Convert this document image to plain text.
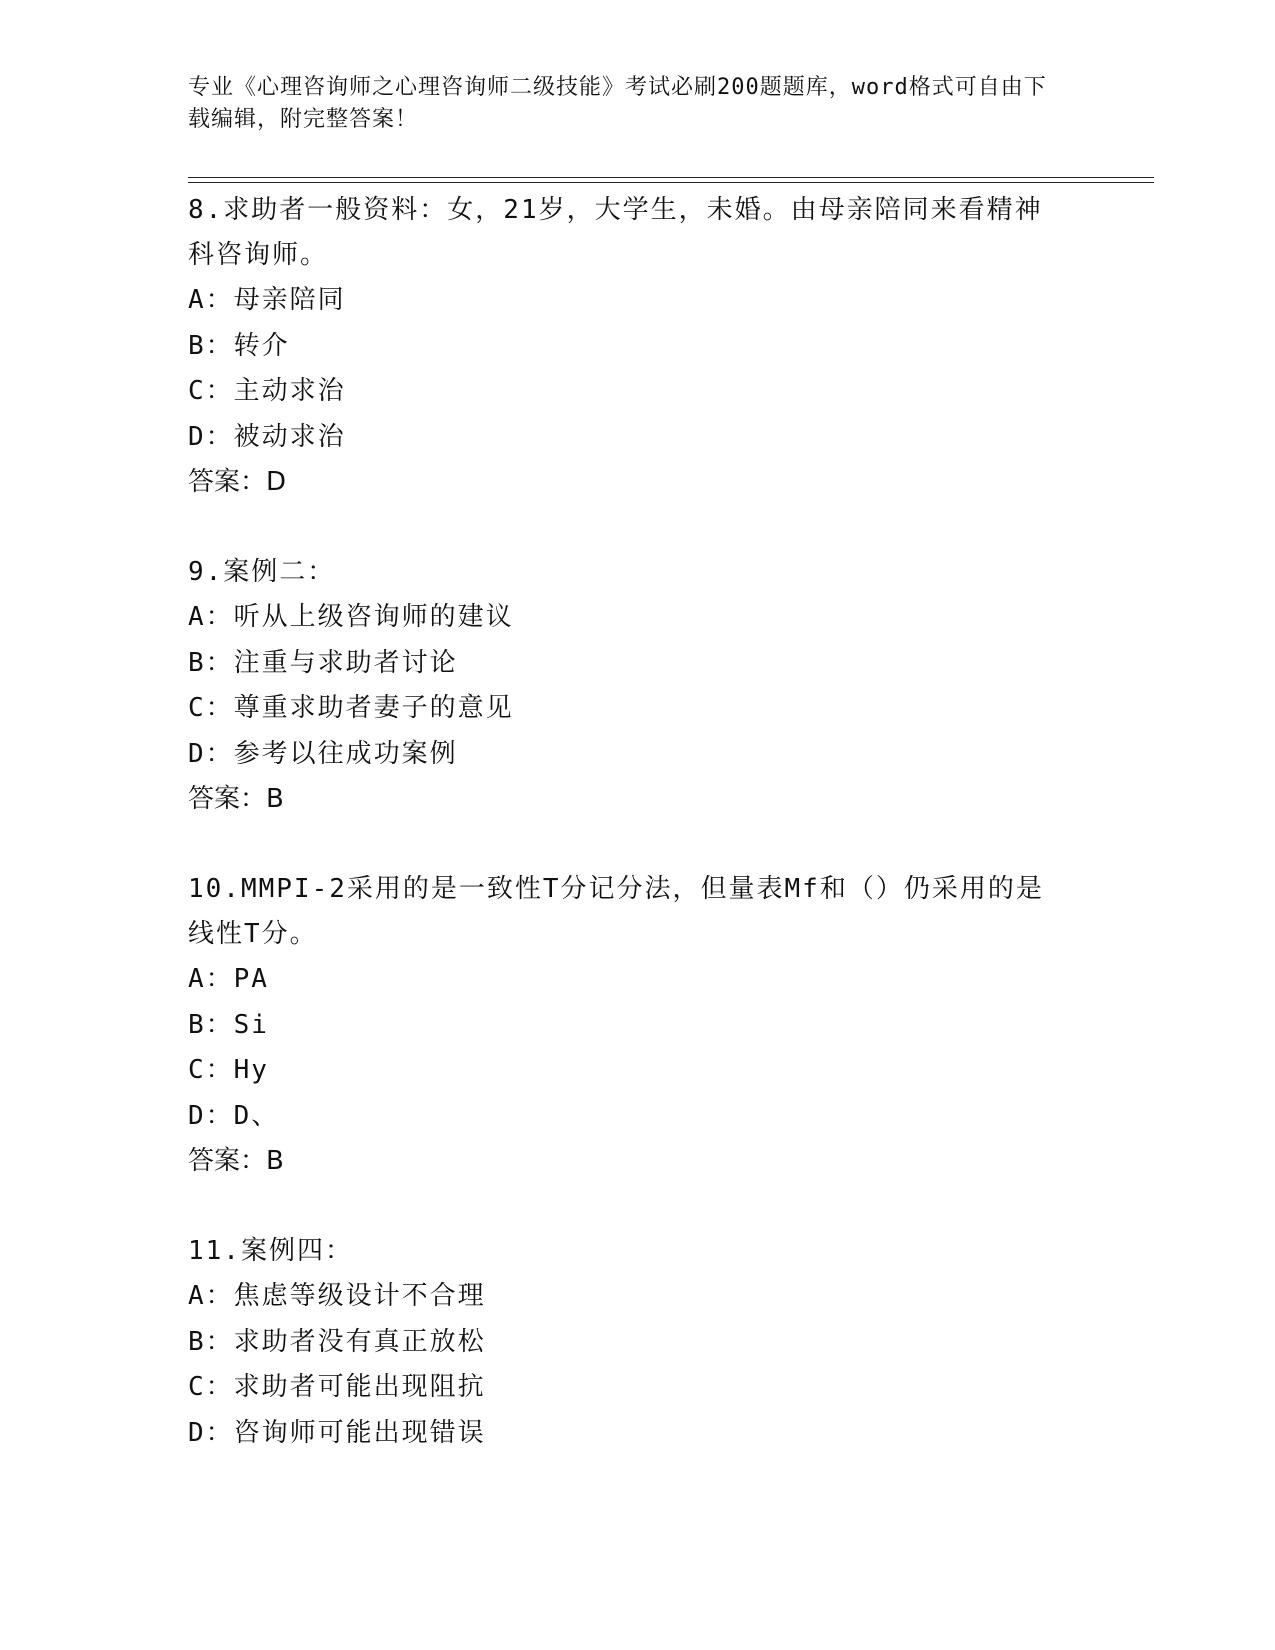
专业《心理咨询师之心理咨询师二级技能》考试必刷200题题库，word格式可自由下载编辑，附完整答案！

8.求助者一般资料：女，21岁，大学生，未婚。由母亲陪同来看精神科咨询师。

A：母亲陪同

B：转介

C：主动求治

D：被动求治

答案：D

9.案例二：

A：听从上级咨询师的建议

B：注重与求助者讨论

C：尊重求助者妻子的意见

D：参考以往成功案例

答案：B

10.MMPI-2采用的是一致性T分记分法，但量表Mf和（）仍采用的是线性T分。

A：PA

B：Si

C：Hy

D：D、

答案：B

11.案例四：

A：焦虑等级设计不合理

B：求助者没有真正放松

C：求助者可能出现阻抗

D：咨询师可能出现错误
